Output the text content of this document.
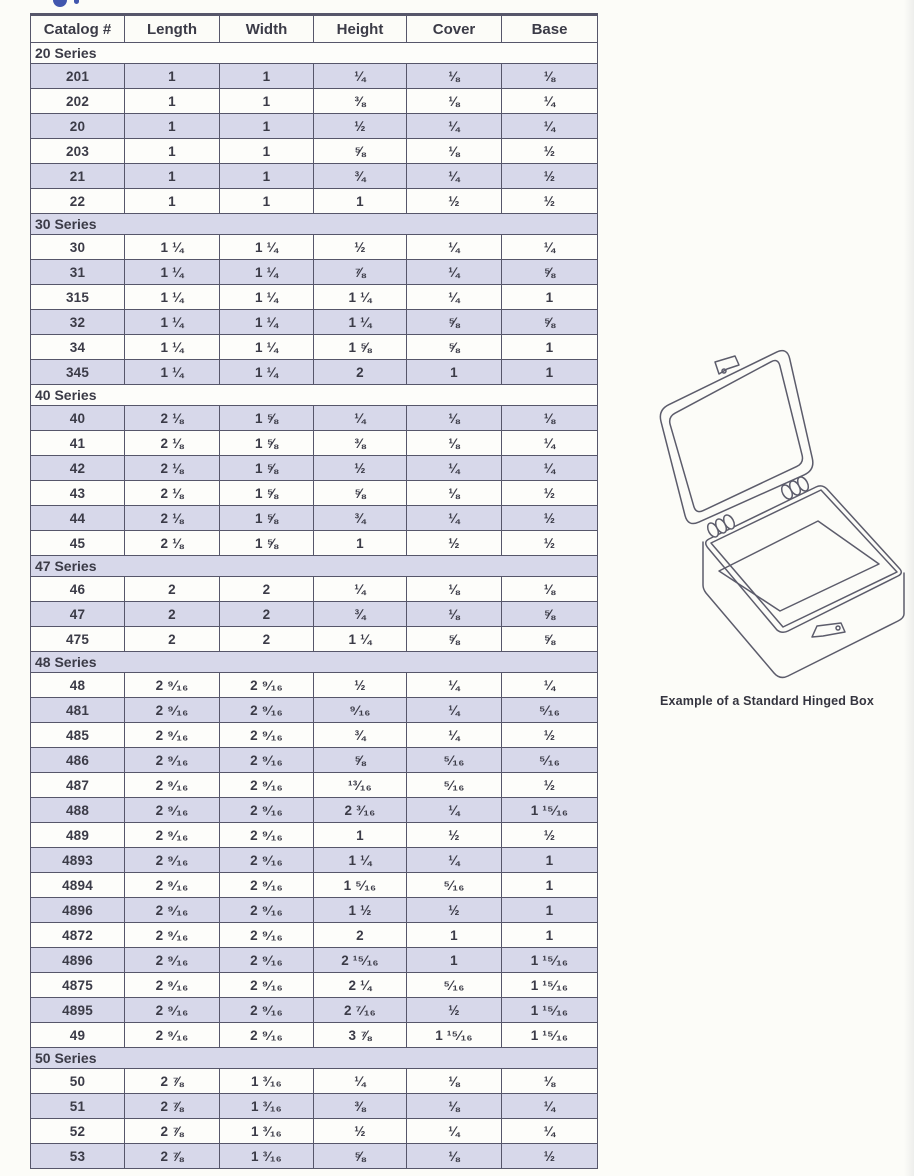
Catalog #	Length	Width	Height	Cover	Base
20 Series					
201	1	1	¼	⅛	⅛
202	1	1	⅜	⅛	¼
20	1	1	½	¼	¼
203	1	1	⅝	⅛	½
21	1	1	¾	¼	½
22	1	1	1	½	½
30 Series					
30	1 ¼	1 ¼	½	¼	¼
31	1 ¼	1 ¼	⅞	¼	⅝
315	1 ¼	1 ¼	1 ¼	¼	1
32	1 ¼	1 ¼	1 ¼	⅝	⅝
34	1 ¼	1 ¼	1 ⅝	⅝	1
345	1 ¼	1 ¼	2	1	1
40 Series					
40	2 ⅛	1 ⅝	¼	⅛	⅛
41	2 ⅛	1 ⅝	⅜	⅛	¼
42	2 ⅛	1 ⅝	½	¼	¼
43	2 ⅛	1 ⅝	⅝	⅛	½
44	2 ⅛	1 ⅝	¾	¼	½
45	2 ⅛	1 ⅝	1	½	½
47 Series					
46	2	2	¼	⅛	⅛
47	2	2	¾	⅛	⅝
475	2	2	1 ¼	⅝	⅝
48 Series					
48	2 ⁹⁄₁₆	2 ⁹⁄₁₆	½	¼	¼
481	2 ⁹⁄₁₆	2 ⁹⁄₁₆	⁹⁄₁₆	¼	⁵⁄₁₆
485	2 ⁹⁄₁₆	2 ⁹⁄₁₆	¾	¼	½
486	2 ⁹⁄₁₆	2 ⁹⁄₁₆	⅝	⁵⁄₁₆	⁵⁄₁₆
487	2 ⁹⁄₁₆	2 ⁹⁄₁₆	¹³⁄₁₆	⁵⁄₁₆	½
488	2 ⁹⁄₁₆	2 ⁹⁄₁₆	2 ³⁄₁₆	¼	1 ¹⁵⁄₁₆
489	2 ⁹⁄₁₆	2 ⁹⁄₁₆	1	½	½
4893	2 ⁹⁄₁₆	2 ⁹⁄₁₆	1 ¼	¼	1
4894	2 ⁹⁄₁₆	2 ⁹⁄₁₆	1 ⁵⁄₁₆	⁵⁄₁₆	1
4896	2 ⁹⁄₁₆	2 ⁹⁄₁₆	1 ½	½	1
4872	2 ⁹⁄₁₆	2 ⁹⁄₁₆	2	1	1
4896	2 ⁹⁄₁₆	2 ⁹⁄₁₆	2 ¹⁵⁄₁₆	1	1 ¹⁵⁄₁₆
4875	2 ⁹⁄₁₆	2 ⁹⁄₁₆	2 ¼	⁵⁄₁₆	1 ¹⁵⁄₁₆
4895	2 ⁹⁄₁₆	2 ⁹⁄₁₆	2 ⁷⁄₁₆	½	1 ¹⁵⁄₁₆
49	2 ⁹⁄₁₆	2 ⁹⁄₁₆	3 ⅞	1 ¹⁵⁄₁₆	1 ¹⁵⁄₁₆
50 Series					
50	2 ⅞	1 ³⁄₁₆	¼	⅛	⅛
51	2 ⅞	1 ³⁄₁₆	⅜	⅛	¼
52	2 ⅞	1 ³⁄₁₆	½	¼	¼
53	2 ⅞	1 ³⁄₁₆	⅝	⅛	½
Example of a Standard Hinged Box
